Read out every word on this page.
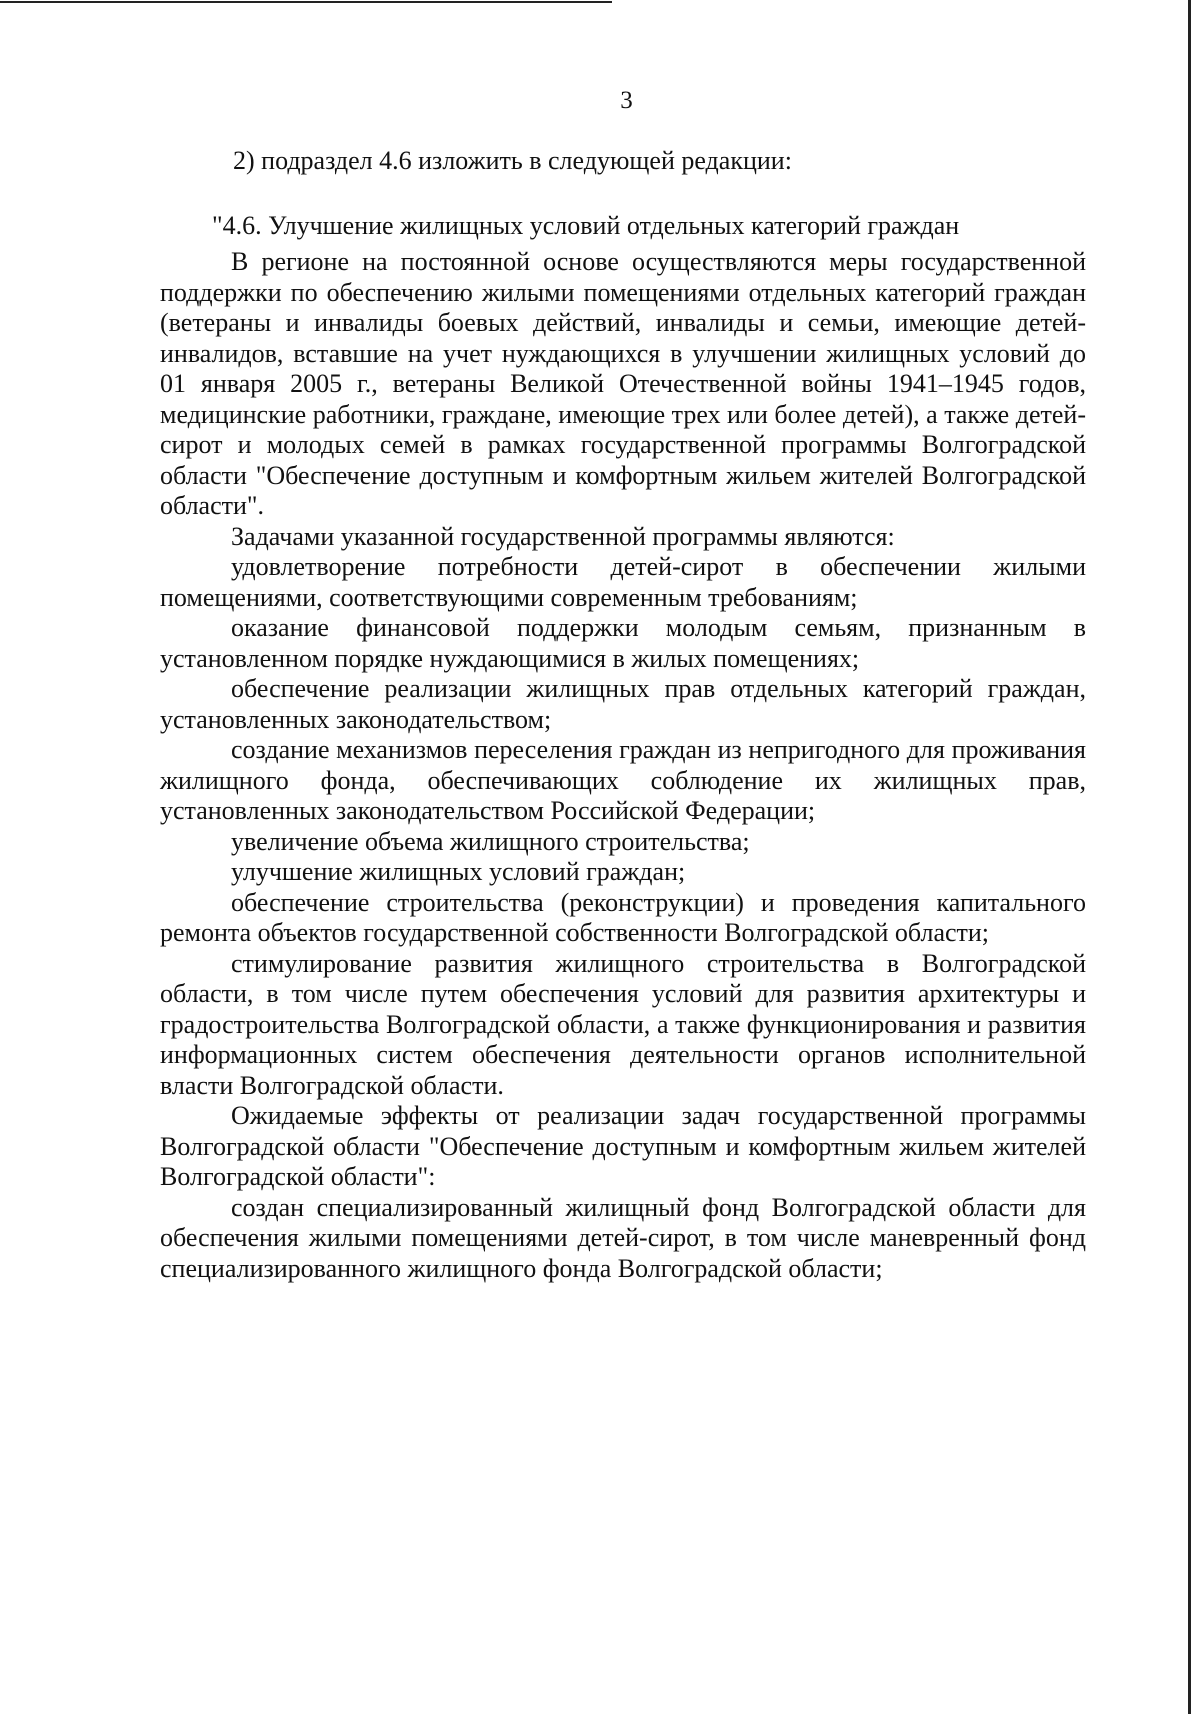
3
2) подраздел 4.6 изложить в следующей редакции:
"4.6. Улучшение жилищных условий отдельных категорий граждан

В регионе на постоянной основе осуществляются меры государственной поддержки по обеспечению жилыми помещениями отдельных категорий граждан (ветераны и инвалиды боевых действий, инвалиды и семьи, имеющие детей-инвалидов, вставшие на учет нуждающихся в улучшении жилищных условий до 01 января 2005 г., ветераны Великой Отечественной войны 1941–1945 годов, медицинские работники, граждане, имеющие трех или более детей), а также детей-сирот и молодых семей в рамках государственной программы Волгоградской области "Обеспечение доступным и комфортным жильем жителей Волгоградской области".

Задачами указанной государственной программы являются:

удовлетворение потребности детей-сирот в обеспечении жилыми помещениями, соответствующими современным требованиям;

оказание финансовой поддержки молодым семьям, признанным в установленном порядке нуждающимися в жилых помещениях;

обеспечение реализации жилищных прав отдельных категорий граждан, установленных законодательством;

создание механизмов переселения граждан из непригодного для проживания жилищного фонда, обеспечивающих соблюдение их жилищных прав, установленных законодательством Российской Федерации;

увеличение объема жилищного строительства;

улучшение жилищных условий граждан;

обеспечение строительства (реконструкции) и проведения капитального ремонта объектов государственной собственности Волгоградской области;

стимулирование развития жилищного строительства в Волгоградской области, в том числе путем обеспечения условий для развития архитектуры и градостроительства Волгоградской области, а также функционирования и развития информационных систем обеспечения деятельности органов исполнительной власти Волгоградской области.

Ожидаемые эффекты от реализации задач государственной программы Волгоградской области "Обеспечение доступным и комфортным жильем жителей Волгоградской области":

создан специализированный жилищный фонд Волгоградской области для обеспечения жилыми помещениями детей-сирот, в том числе маневренный фонд специализированного жилищного фонда Волгоградской области;
